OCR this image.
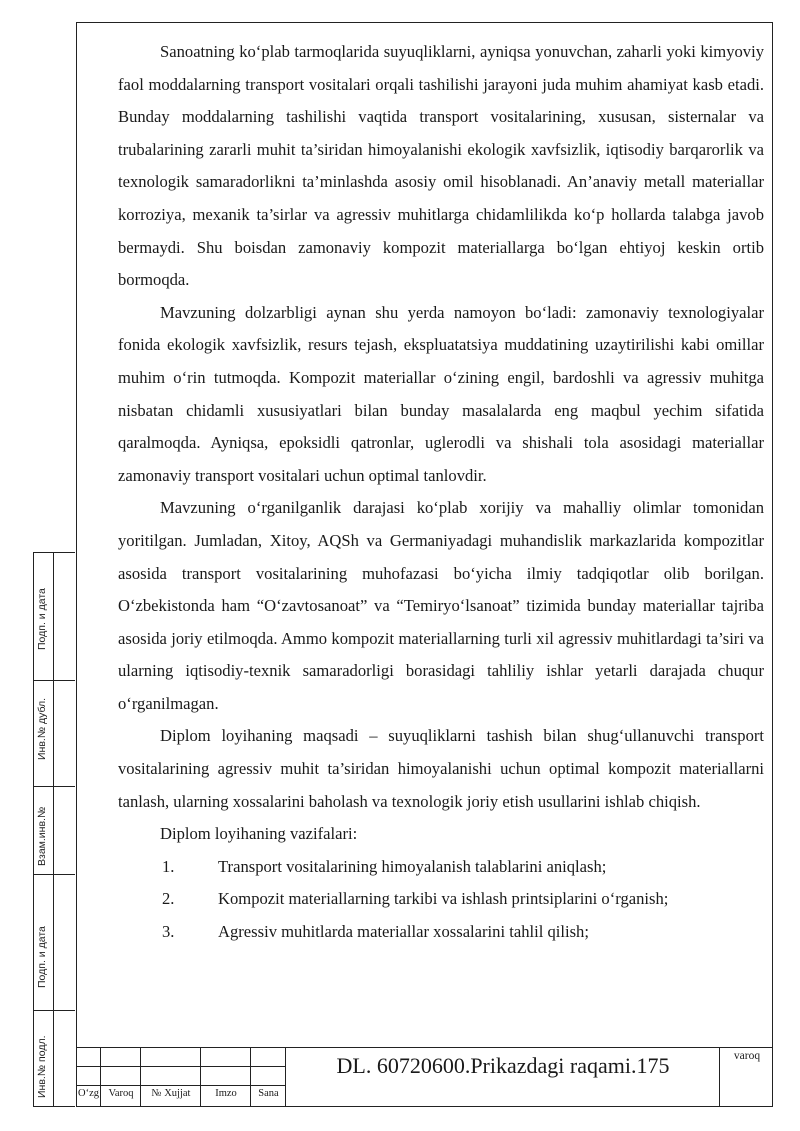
Sanoatning ko‘plab tarmoqlarida suyuqliklarni, ayniqsa yonuvchan, zaharli yoki kimyoviy faol moddalarning transport vositalari orqali tashilishi jarayoni juda muhim ahamiyat kasb etadi. Bunday moddalarning tashilishi vaqtida transport vositalarining, xususan, sisternalar va trubalarining zararli muhit ta’siridan himoyalanishi ekologik xavfsizlik, iqtisodiy barqarorlik va texnologik samaradorlikni ta’minlashda asosiy omil hisoblanadi. An’anaviy metall materiallar korroziya, mexanik ta’sirlar va agressiv muhitlarga chidamlilikda ko‘p hollarda talabga javob bermaydi. Shu boisdan zamonaviy kompozit materiallarga bo‘lgan ehtiyoj keskin ortib bormoqda.

Mavzuning dolzarbligi aynan shu yerda namoyon bo‘ladi: zamonaviy texnologiyalar fonida ekologik xavfsizlik, resurs tejash, ekspluatatsiya muddatining uzaytirilishi kabi omillar muhim o‘rin tutmoqda. Kompozit materiallar o‘zining engil, bardoshli va agressiv muhitga nisbatan chidamli xususiyatlari bilan bunday masalalarda eng maqbul yechim sifatida qaralmoqda. Ayniqsa, epoksidli qatronlar, uglerodli va shishali tola asosidagi materiallar zamonaviy transport vositalari uchun optimal tanlovdir.

Mavzuning o‘rganilganlik darajasi ko‘plab xorijiy va mahalliy olimlar tomonidan yoritilgan. Jumladan, Xitoy, AQSh va Germaniyadagi muhandislik markazlarida kompozitlar asosida transport vositalarining muhofazasi bo‘yicha ilmiy tadqiqotlar olib borilgan. O‘zbekistonda ham “O‘zavtosanoat” va “Temiryo‘lsanoat” tizimida bunday materiallar tajriba asosida joriy etilmoqda. Ammo kompozit materiallarning turli xil agressiv muhitlardagi ta’siri va ularning iqtisodiy-texnik samaradorligi borasidagi tahliliy ishlar yetarli darajada chuqur o‘rganilmagan.

Diplom loyihaning maqsadi – suyuqliklarni tashish bilan shug‘ullanuvchi transport vositalarining agressiv muhit ta’siridan himoyalanishi uchun optimal kompozit materiallarni tanlash, ularning xossalarini baholash va texnologik joriy etish usullarini ishlab chiqish.

Diplom loyihaning vazifalari:

1.	Transport vositalarining himoyalanish talablarini aniqlash;

2.	Kompozit materiallarning tarkibi va ishlash printsiplarini o‘rganish;

3.	Agressiv muhitlarda materiallar xossalarini tahlil qilish;

Инв.№ подл.
Подп. и дата
Взам.инв.№
Инв.№ дубл.
Подп. и дата
O‘zg Varoq	№ Xujjat	Imzo	Sana
DL. 60720600.Prikazdagi raqami.175	varoq
